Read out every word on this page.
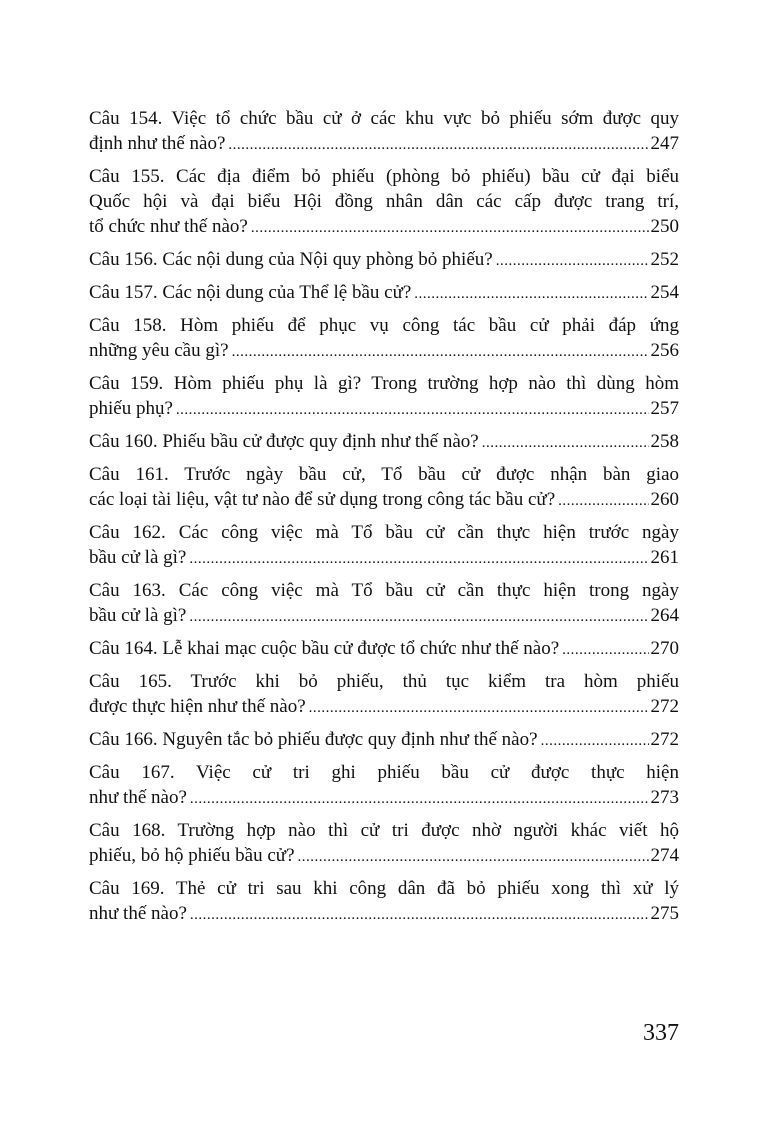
Câu 154. Việc tổ chức bầu cử ở các khu vực bỏ phiếu sớm được quy
định như thế nào? .....	247
Câu 155. Các địa điểm bỏ phiếu (phòng bỏ phiếu) bầu cử đại biểu
Quốc hội và đại biểu Hội đồng nhân dân các cấp được trang trí,
tổ chức như thế nào? .....	250
Câu 156. Các nội dung của Nội quy phòng bỏ phiếu? .....	252
Câu 157. Các nội dung của Thể lệ bầu cử? .....	254
Câu 158. Hòm phiếu để phục vụ công tác bầu cử phải đáp ứng
những yêu cầu gì? .....	256
Câu 159. Hòm phiếu phụ là gì? Trong trường hợp nào thì dùng hòm
phiếu phụ? .....	257
Câu 160. Phiếu bầu cử được quy định như thế nào? .....	258
Câu 161. Trước ngày bầu cử, Tổ bầu cử được nhận bàn giao
các loại tài liệu, vật tư nào để sử dụng trong công tác bầu cử? .....	260
Câu 162. Các công việc mà Tổ bầu cử cần thực hiện trước ngày
bầu cử là gì? .....	261
Câu 163. Các công việc mà Tổ bầu cử cần thực hiện trong ngày
bầu cử là gì? .....	264
Câu 164. Lễ khai mạc cuộc bầu cử được tổ chức như thế nào? .....	270
Câu 165. Trước khi bỏ phiếu, thủ tục kiểm tra hòm phiếu
được thực hiện như thế nào? .....	272
Câu 166. Nguyên tắc bỏ phiếu được quy định như thế nào? .....	272
Câu 167. Việc cử tri ghi phiếu bầu cử được thực hiện
như thế nào? .....	273
Câu 168. Trường hợp nào thì cử tri được nhờ người khác viết hộ
phiếu, bỏ hộ phiếu bầu cử? .....	274
Câu 169. Thẻ cử tri sau khi công dân đã bỏ phiếu xong thì xử lý
như thế nào? .....	275
337
